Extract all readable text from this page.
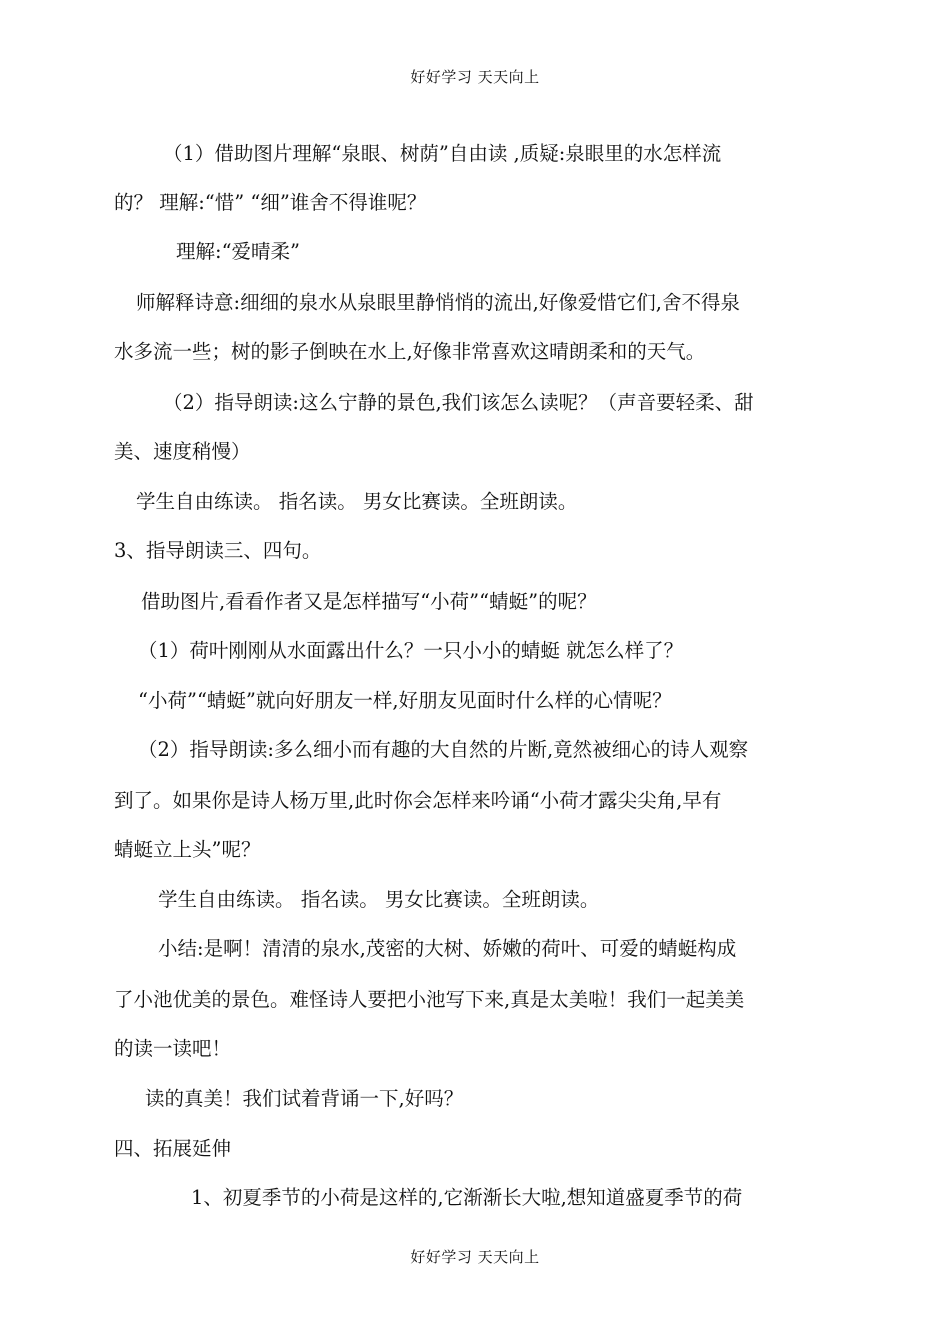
好好学习 天天向上
（1）借助图片理解“泉眼、树荫”自由读 ,质疑:泉眼里的水怎样流
的？ 理解:“惜” “细”谁舍不得谁呢？
理解:“爱晴柔”
师解释诗意:细细的泉水从泉眼里静悄悄的流出,好像爱惜它们,舍不得泉
水多流一些；树的影子倒映在水上,好像非常喜欢这晴朗柔和的天气。
（2）指导朗读:这么宁静的景色,我们该怎么读呢？（声音要轻柔、甜
美、速度稍慢）
学生自由练读。 指名读。 男女比赛读。全班朗读。
3、指导朗读三、四句。
借助图片,看看作者又是怎样描写“小荷”“蜻蜓”的呢？
（1）荷叶刚刚从水面露出什么？一只小小的蜻蜓 就怎么样了？
“小荷”“蜻蜓”就向好朋友一样,好朋友见面时什么样的心情呢？
（2）指导朗读:多么细小而有趣的大自然的片断,竟然被细心的诗人观察
到了。如果你是诗人杨万里,此时你会怎样来吟诵“小荷才露尖尖角,早有
蜻蜓立上头”呢？
学生自由练读。 指名读。 男女比赛读。全班朗读。
小结:是啊！清清的泉水,茂密的大树、娇嫩的荷叶、可爱的蜻蜓构成
了小池优美的景色。难怪诗人要把小池写下来,真是太美啦！我们一起美美
的读一读吧！
读的真美！我们试着背诵一下,好吗？
四、拓展延伸
1、初夏季节的小荷是这样的,它渐渐长大啦,想知道盛夏季节的荷
好好学习 天天向上
